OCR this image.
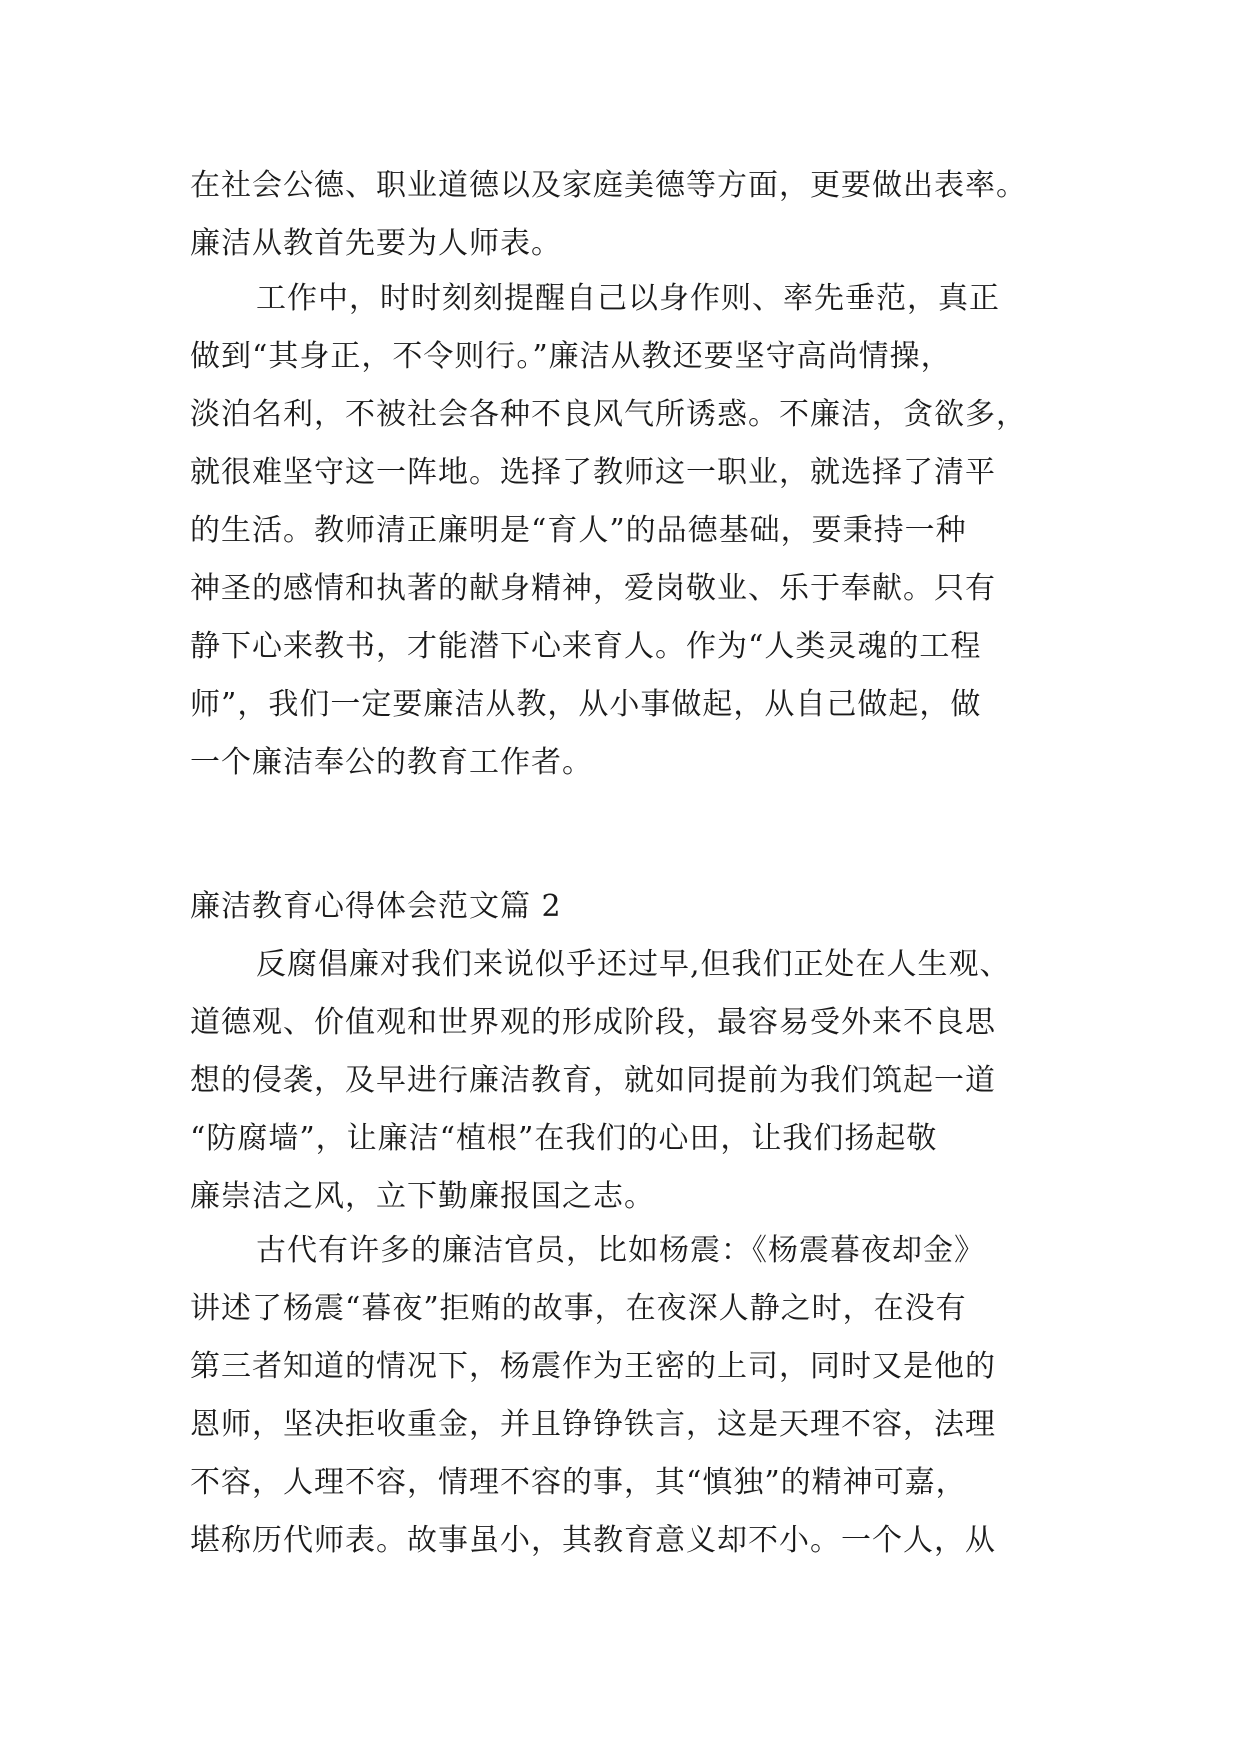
在社会公德、职业道德以及家庭美德等方面，更要做出表率。
廉洁从教首先要为人师表。
工作中，时时刻刻提醒自己以身作则、率先垂范，真正
做到“其身正，不令则行。”廉洁从教还要坚守高尚情操，
淡泊名利，不被社会各种不良风气所诱惑。不廉洁，贪欲多，
就很难坚守这一阵地。选择了教师这一职业，就选择了清平
的生活。教师清正廉明是“育人”的品德基础，要秉持一种
神圣的感情和执著的献身精神，爱岗敬业、乐于奉献。只有
静下心来教书，才能潜下心来育人。作为“人类灵魂的工程
师”，我们一定要廉洁从教，从小事做起，从自己做起，做
一个廉洁奉公的教育工作者。
廉洁教育心得体会范文篇 2
反腐倡廉对我们来说似乎还过早,但我们正处在人生观、
道德观、价值观和世界观的形成阶段，最容易受外来不良思
想的侵袭，及早进行廉洁教育，就如同提前为我们筑起一道
“防腐墙”，让廉洁“植根”在我们的心田，让我们扬起敬
廉崇洁之风，立下勤廉报国之志。
古代有许多的廉洁官员，比如杨震：《杨震暮夜却金》
讲述了杨震“暮夜”拒贿的故事，在夜深人静之时，在没有
第三者知道的情况下，杨震作为王密的上司，同时又是他的
恩师，坚决拒收重金，并且铮铮铁言，这是天理不容，法理
不容，人理不容，情理不容的事，其“慎独”的精神可嘉，
堪称历代师表。故事虽小，其教育意义却不小。一个人，从
